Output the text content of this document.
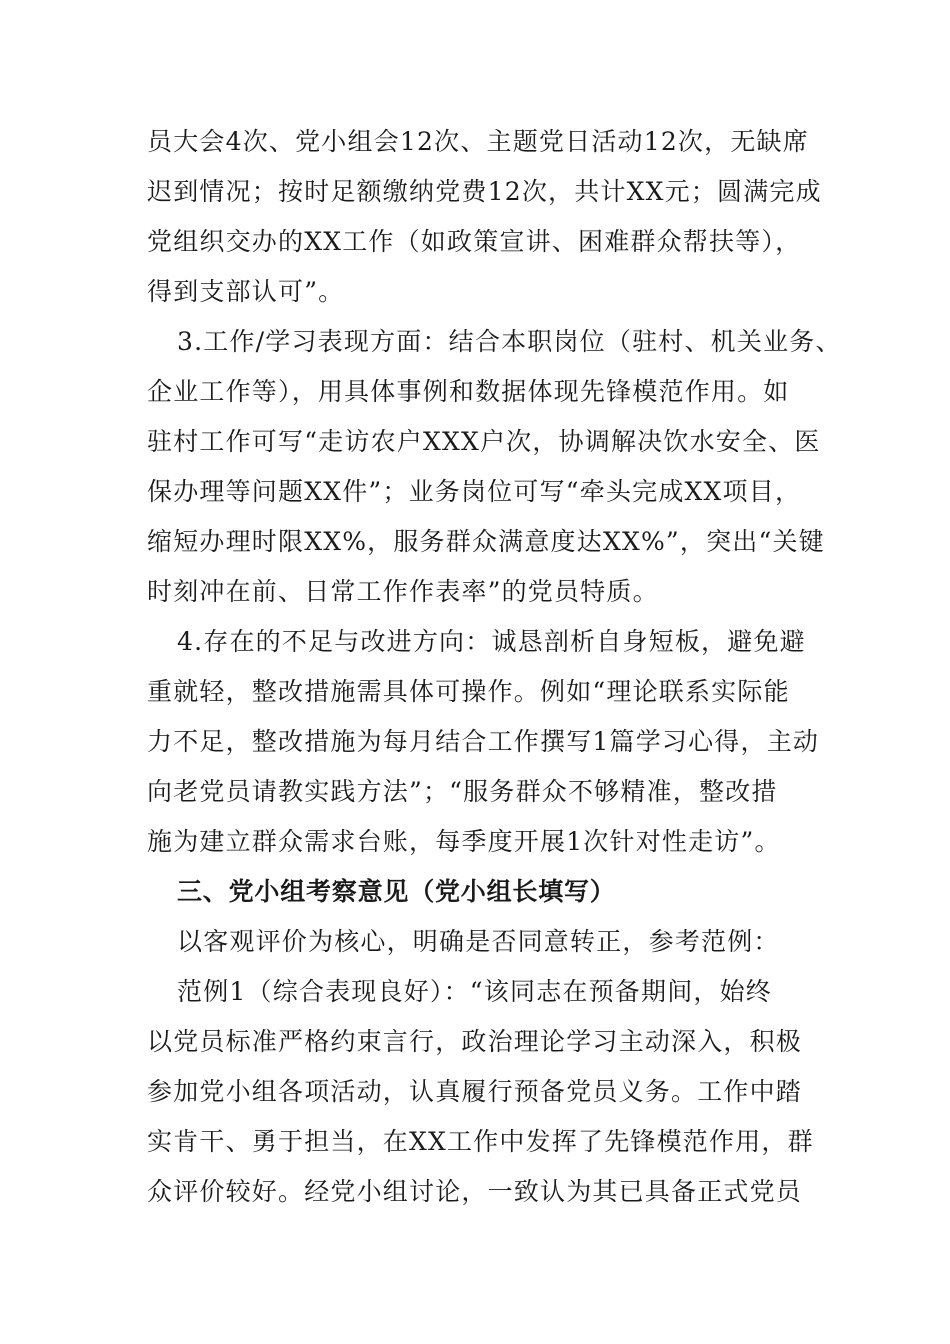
员大会4次、党小组会12次、主题党日活动12次，无缺席
迟到情况；按时足额缴纳党费12次，共计XX元；圆满完成
党组织交办的XX工作（如政策宣讲、困难群众帮扶等），
得到支部认可”。
3.工作/学习表现方面：结合本职岗位（驻村、机关业务、
企业工作等），用具体事例和数据体现先锋模范作用。如
驻村工作可写“走访农户XXX户次，协调解决饮水安全、医
保办理等问题XX件”；业务岗位可写“牵头完成XX项目，
缩短办理时限XX%，服务群众满意度达XX%”，突出“关键
时刻冲在前、日常工作作表率”的党员特质。
4.存在的不足与改进方向：诚恳剖析自身短板，避免避
重就轻，整改措施需具体可操作。例如“理论联系实际能
力不足，整改措施为每月结合工作撰写1篇学习心得，主动
向老党员请教实践方法”；“服务群众不够精准，整改措
施为建立群众需求台账，每季度开展1次针对性走访”。
三、党小组考察意见（党小组长填写）
以客观评价为核心，明确是否同意转正，参考范例：
范例1（综合表现良好）：“该同志在预备期间，始终
以党员标准严格约束言行，政治理论学习主动深入，积极
参加党小组各项活动，认真履行预备党员义务。工作中踏
实肯干、勇于担当，在XX工作中发挥了先锋模范作用，群
众评价较好。经党小组讨论，一致认为其已具备正式党员
